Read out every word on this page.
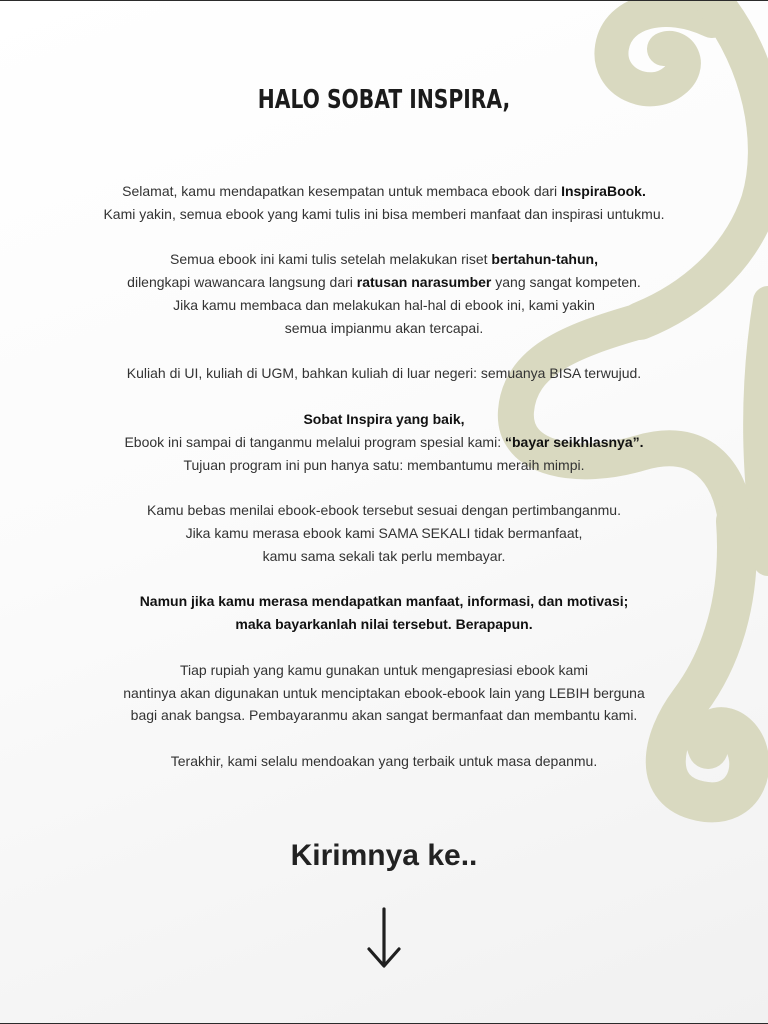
HALO SOBAT INSPIRA,

Selamat, kamu mendapatkan kesempatan untuk membaca ebook dari InspiraBook.
Kami yakin, semua ebook yang kami tulis ini bisa memberi manfaat dan inspirasi untukmu.

Semua ebook ini kami tulis setelah melakukan riset bertahun-tahun,
dilengkapi wawancara langsung dari ratusan narasumber yang sangat kompeten.
Jika kamu membaca dan melakukan hal-hal di ebook ini, kami yakin
semua impianmu akan tercapai.

Kuliah di UI, kuliah di UGM, bahkan kuliah di luar negeri: semuanya BISA terwujud.

Sobat Inspira yang baik,
Ebook ini sampai di tanganmu melalui program spesial kami: “bayar seikhlasnya”.
Tujuan program ini pun hanya satu: membantumu meraih mimpi.

Kamu bebas menilai ebook-ebook tersebut sesuai dengan pertimbanganmu.
Jika kamu merasa ebook kami SAMA SEKALI tidak bermanfaat,
kamu sama sekali tak perlu membayar.

Namun jika kamu merasa mendapatkan manfaat, informasi, dan motivasi;
maka bayarkanlah nilai tersebut. Berapapun.

Tiap rupiah yang kamu gunakan untuk mengapresiasi ebook kami
nantinya akan digunakan untuk menciptakan ebook-ebook lain yang LEBIH berguna
bagi anak bangsa. Pembayaranmu akan sangat bermanfaat dan membantu kami.

Terakhir, kami selalu mendoakan yang terbaik untuk masa depanmu.

Kirimnya ke..
